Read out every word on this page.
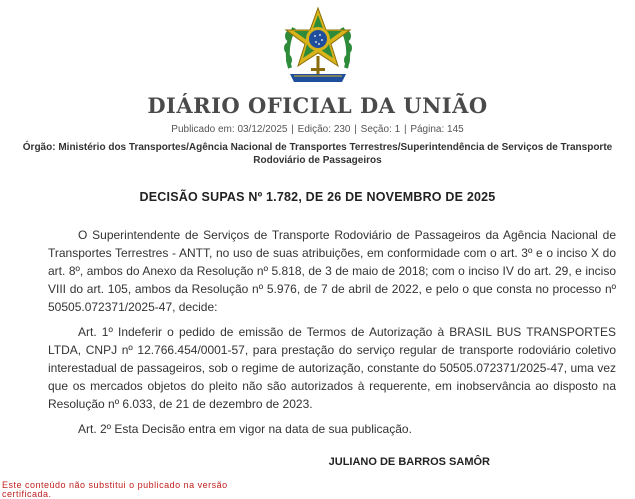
DIÁRIO OFICIAL DA UNIÃO
Publicado em: 03/12/2025 | Edição: 230 | Seção: 1 | Página: 145
Órgão: Ministério dos Transportes/Agência Nacional de Transportes Terrestres/Superintendência de Serviços de Transporte Rodoviário de Passageiros
DECISÃO SUPAS Nº 1.782, DE 26 DE NOVEMBRO DE 2025

O Superintendente de Serviços de Transporte Rodoviário de Passageiros da Agência Nacional de Transportes Terrestres - ANTT, no uso de suas atribuições, em conformidade com o art. 3º e o inciso X do art. 8º, ambos do Anexo da Resolução nº 5.818, de 3 de maio de 2018; com o inciso IV do art. 29, e inciso VIII do art. 105, ambos da Resolução nº 5.976, de 7 de abril de 2022, e pelo o que consta no processo nº 50505.072371/2025-47, decide:

Art. 1º Indeferir o pedido de emissão de Termos de Autorização à BRASIL BUS TRANSPORTES LTDA, CNPJ nº 12.766.454/0001-57, para prestação do serviço regular de transporte rodoviário coletivo interestadual de passageiros, sob o regime de autorização, constante do 50505.072371/2025-47, uma vez que os mercados objetos do pleito não são autorizados à requerente, em inobservância ao disposto na Resolução nº 6.033, de 21 de dezembro de 2023.

Art. 2º Esta Decisão entra em vigor na data de sua publicação.

JULIANO DE BARROS SAMÔR
Este conteúdo não substitui o publicado na versão certificada.
